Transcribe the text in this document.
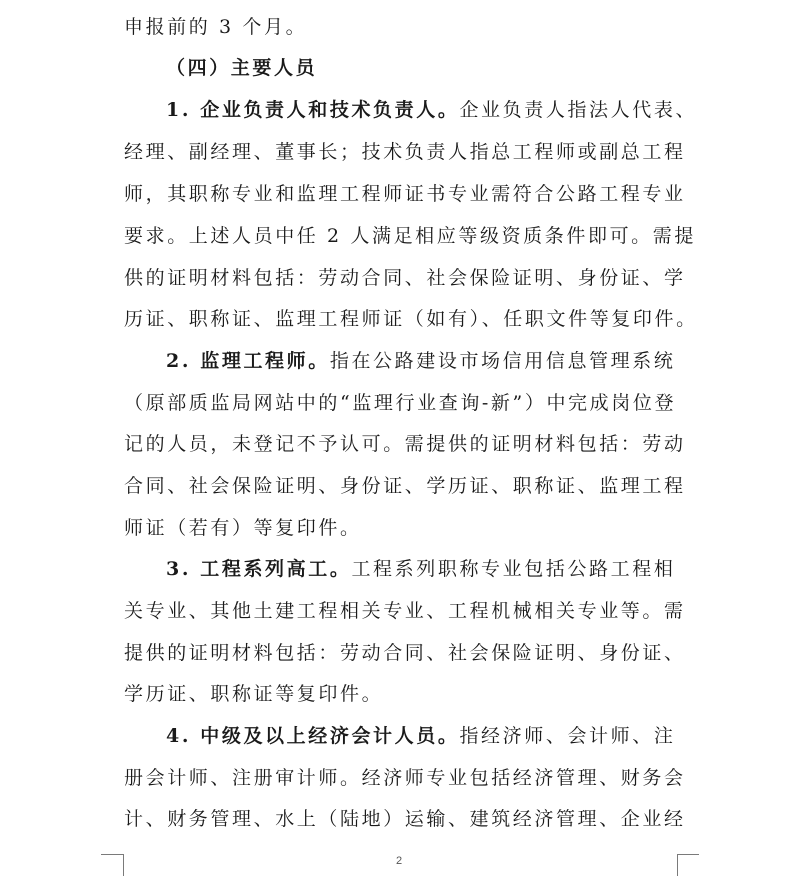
申报前的 3 个月。
（四）主要人员
1. 企业负责人和技术负责人。企业负责人指法人代表、
经理、副经理、董事长；技术负责人指总工程师或副总工程
师，其职称专业和监理工程师证书专业需符合公路工程专业
要求。上述人员中任 2 人满足相应等级资质条件即可。需提
供的证明材料包括：劳动合同、社会保险证明、身份证、学
历证、职称证、监理工程师证（如有）、任职文件等复印件。
2. 监理工程师。指在公路建设市场信用信息管理系统
（原部质监局网站中的“监理行业查询-新”）中完成岗位登
记的人员，未登记不予认可。需提供的证明材料包括：劳动
合同、社会保险证明、身份证、学历证、职称证、监理工程
师证（若有）等复印件。
3. 工程系列高工。工程系列职称专业包括公路工程相
关专业、其他土建工程相关专业、工程机械相关专业等。需
提供的证明材料包括：劳动合同、社会保险证明、身份证、
学历证、职称证等复印件。
4. 中级及以上经济会计人员。指经济师、会计师、注
册会计师、注册审计师。经济师专业包括经济管理、财务会
计、财务管理、水上（陆地）运输、建筑经济管理、企业经
2
